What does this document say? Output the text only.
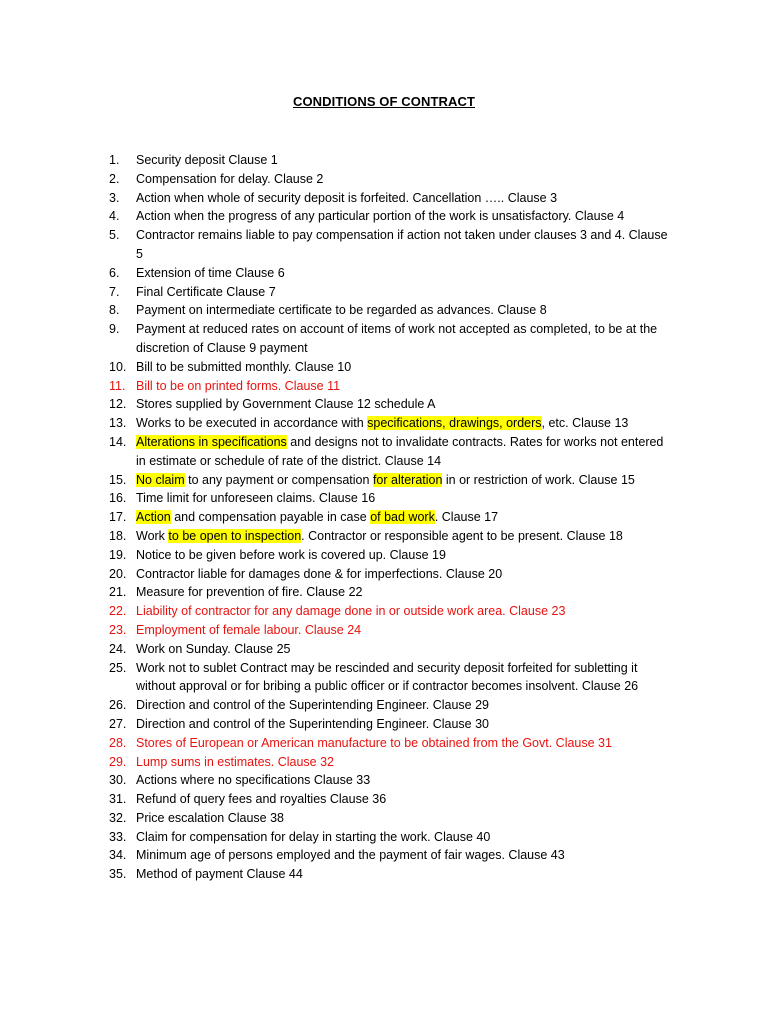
CONDITIONS OF CONTRACT
1. Security deposit Clause 1
2. Compensation for delay. Clause 2
3. Action when whole of security deposit is forfeited. Cancellation ….. Clause 3
4. Action when the progress of any particular portion of the work is unsatisfactory. Clause 4
5. Contractor remains liable to pay compensation if action not taken under clauses 3 and 4. Clause 5
6. Extension of time Clause 6
7. Final Certificate Clause 7
8. Payment on intermediate certificate to be regarded as advances. Clause 8
9. Payment at reduced rates on account of items of work not accepted as completed, to be at the discretion of Clause 9 payment
10. Bill to be submitted monthly. Clause 10
11. Bill to be on printed forms. Clause 11
12. Stores supplied by Government Clause 12 schedule A
13. Works to be executed in accordance with specifications, drawings, orders, etc. Clause 13
14. Alterations in specifications and designs not to invalidate contracts. Rates for works not entered in estimate or schedule of rate of the district. Clause 14
15. No claim to any payment or compensation for alteration in or restriction of work. Clause 15
16. Time limit for unforeseen claims. Clause 16
17. Action and compensation payable in case of bad work. Clause 17
18. Work to be open to inspection. Contractor or responsible agent to be present. Clause 18
19. Notice to be given before work is covered up. Clause 19
20. Contractor liable for damages done & for imperfections. Clause 20
21. Measure for prevention of fire. Clause 22
22. Liability of contractor for any damage done in or outside work area. Clause 23
23. Employment of female labour. Clause 24
24. Work on Sunday. Clause 25
25. Work not to sublet Contract may be rescinded and security deposit forfeited for subletting it without approval or for bribing a public officer or if contractor becomes insolvent. Clause 26
26. Direction and control of the Superintending Engineer. Clause 29
27. Direction and control of the Superintending Engineer. Clause 30
28. Stores of European or American manufacture to be obtained from the Govt. Clause 31
29. Lump sums in estimates. Clause 32
30. Actions where no specifications Clause 33
31. Refund of query fees and royalties Clause 36
32. Price escalation Clause 38
33. Claim for compensation for delay in starting the work. Clause 40
34. Minimum age of persons employed and the payment of fair wages. Clause 43
35. Method of payment Clause 44
